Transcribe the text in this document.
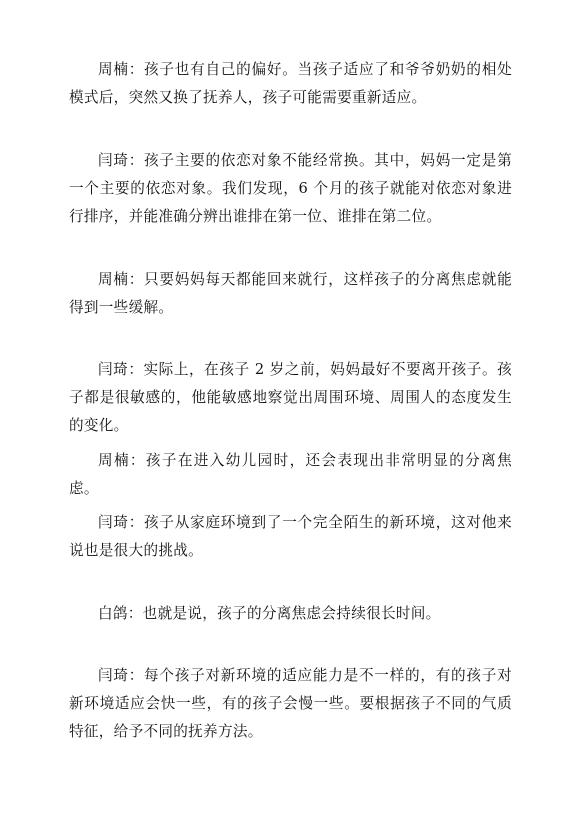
周楠：孩子也有自己的偏好。当孩子适应了和爷爷奶奶的相处模式后，突然又换了抚养人，孩子可能需要重新适应。

闫琦：孩子主要的依恋对象不能经常换。其中，妈妈一定是第一个主要的依恋对象。我们发现，6 个月的孩子就能对依恋对象进行排序，并能准确分辨出谁排在第一位、谁排在第二位。

周楠：只要妈妈每天都能回来就行，这样孩子的分离焦虑就能得到一些缓解。

闫琦：实际上，在孩子 2 岁之前，妈妈最好不要离开孩子。孩子都是很敏感的，他能敏感地察觉出周围环境、周围人的态度发生的变化。

周楠：孩子在进入幼儿园时，还会表现出非常明显的分离焦虑。

闫琦：孩子从家庭环境到了一个完全陌生的新环境，这对他来说也是很大的挑战。

白鸽：也就是说，孩子的分离焦虑会持续很长时间。

闫琦：每个孩子对新环境的适应能力是不一样的，有的孩子对新环境适应会快一些，有的孩子会慢一些。要根据孩子不同的气质特征，给予不同的抚养方法。
